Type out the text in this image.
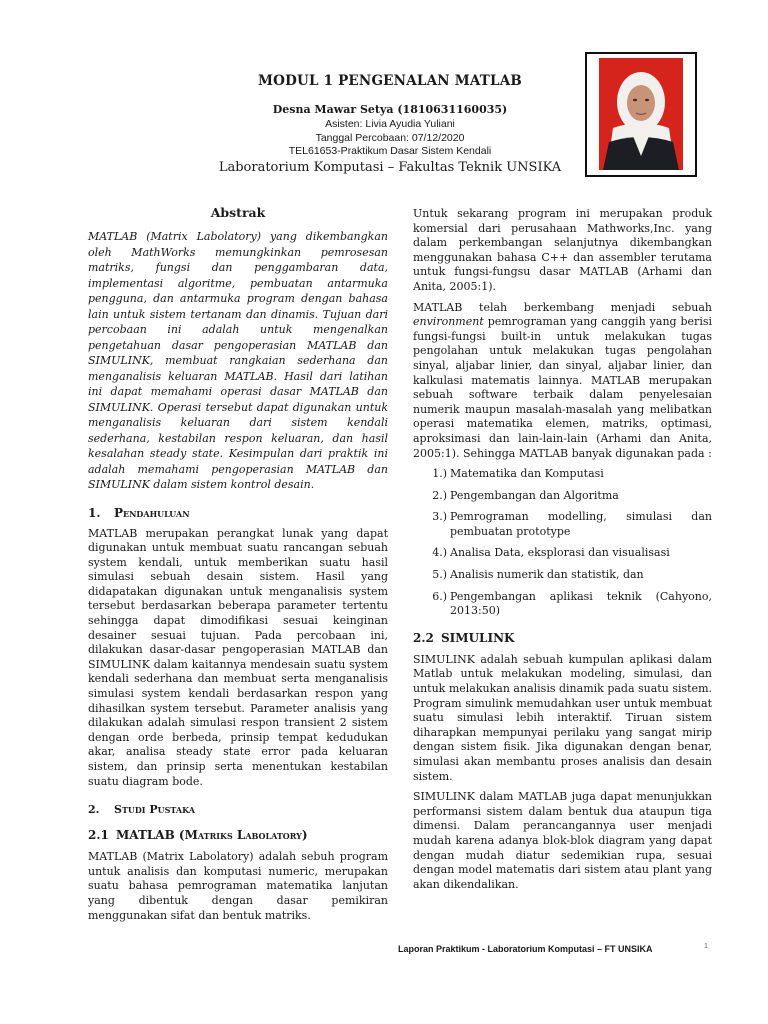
MODUL 1 PENGENALAN MATLAB
Desna Mawar Setya (1810631160035)
Asisten: Livia Ayudia Yuliani
Tanggal Percobaan: 07/12/2020
TEL61653-Praktikum Dasar Sistem Kendali
Laboratorium Komputasi – Fakultas Teknik UNSIKA
Abstrak

MATLAB (Matrix Labolatory) yang dikembangkan oleh MathWorks memungkinkan pemrosesan matriks, fungsi dan penggambaran data, implementasi algoritme, pembuatan antarmuka pengguna, dan antarmuka program dengan bahasa lain untuk sistem tertanam dan dinamis. Tujuan dari percobaan ini adalah untuk mengenalkan pengetahuan dasar pengoperasian MATLAB dan SIMULINK, membuat rangkaian sederhana dan menganalisis keluaran MATLAB. Hasil dari latihan ini dapat memahami operasi dasar MATLAB dan SIMULINK. Operasi tersebut dapat digunakan untuk menganalisis keluaran dari sistem kendali sederhana, kestabilan respon keluaran, dan hasil kesalahan steady state. Kesimpulan dari praktik ini adalah memahami pengoperasian MATLAB dan SIMULINK dalam sistem kontrol desain.

1. Pendahuluan

MATLAB merupakan perangkat lunak yang dapat digunakan untuk membuat suatu rancangan sebuah system kendali, untuk memberikan suatu hasil simulasi sebuah desain sistem. Hasil yang didapatakan digunakan untuk menganalisis system tersebut berdasarkan beberapa parameter tertentu sehingga dapat dimodifikasi sesuai keinginan desainer sesuai tujuan. Pada percobaan ini, dilakukan dasar-dasar pengoperasian MATLAB dan SIMULINK dalam kaitannya mendesain suatu system kendali sederhana dan membuat serta menganalisis simulasi system kendali berdasarkan respon yang dihasilkan system tersebut. Parameter analisis yang dilakukan adalah simulasi respon transient 2 sistem dengan orde berbeda, prinsip tempat kedudukan akar, analisa steady state error pada keluaran sistem, dan prinsip serta menentukan kestabilan suatu diagram bode.

2. Studi Pustaka
2.1 MATLAB (Matriks Labolatory)

MATLAB (Matrix Labolatory) adalah sebuh program untuk analisis dan komputasi numeric, merupakan suatu bahasa pemrograman matematika lanjutan yang dibentuk dengan dasar pemikiran menggunakan sifat dan bentuk matriks.

Untuk sekarang program ini merupakan produk komersial dari perusahaan Mathworks,Inc. yang dalam perkembangan selanjutnya dikembangkan menggunakan bahasa C++ dan assembler terutama untuk fungsi-fungsu dasar MATLAB (Arhami dan Anita, 2005:1).

MATLAB telah berkembang menjadi sebuah environment pemrograman yang canggih yang berisi fungsi-fungsi built-in untuk melakukan tugas pengolahan untuk melakukan tugas pengolahan sinyal, aljabar linier, dan sinyal, aljabar linier, dan kalkulasi matematis lainnya. MATLAB merupakan sebuah software terbaik dalam penyelesaian numerik maupun masalah-masalah yang melibatkan operasi matematika elemen, matriks, optimasi, aproksimasi dan lain-lain-lain (Arhami dan Anita, 2005:1). Sehingga MATLAB banyak digunakan pada :

1.) Matematika dan Komputasi
2.) Pengembangan dan Algoritma
3.) Pemrograman modelling, simulasi dan pembuatan prototype
4.) Analisa Data, eksplorasi dan visualisasi
5.) Analisis numerik dan statistik, dan
6.) Pengembangan aplikasi teknik (Cahyono, 2013:50)
2.2 SIMULINK

SIMULINK adalah sebuah kumpulan aplikasi dalam Matlab untuk melakukan modeling, simulasi, dan untuk melakukan analisis dinamik pada suatu sistem. Program simulink memudahkan user untuk membuat suatu simulasi lebih interaktif. Tiruan sistem diharapkan mempunyai perilaku yang sangat mirip dengan sistem fisik. Jika digunakan dengan benar, simulasi akan membantu proses analisis dan desain sistem.

SIMULINK dalam MATLAB juga dapat menunjukkan performansi sistem dalam bentuk dua ataupun tiga dimensi. Dalam perancangannya user menjadi mudah karena adanya blok-blok diagram yang dapat dengan mudah diatur sedemikian rupa, sesuai dengan model matematis dari sistem atau plant yang akan dikendalikan.

Laporan Praktikum - Laboratorium Komputasi – FT UNSIKA	1
